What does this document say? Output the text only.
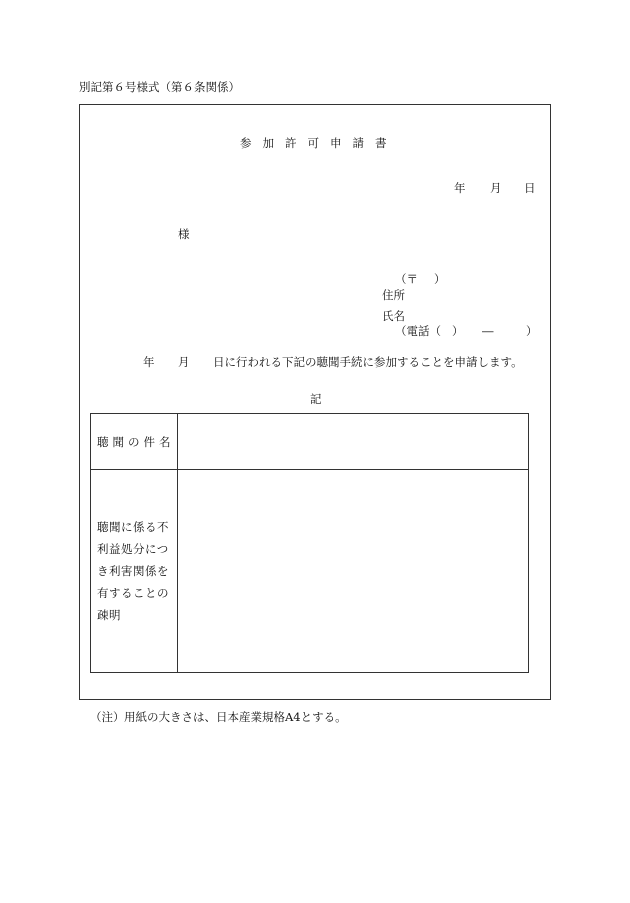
別記第６号様式（第６条関係）
参加許可申請書
年 月 日
様
（〒 ）
住所
氏名
（電話（ ） ―	）
年 月 日に行われる下記の聴聞手続に参加することを申請します。
記
聴聞の件名	

聴聞に係る不利益処分につき利害関係を有することの疎明	

（注） 用紙の大きさは、日本産業規格A4とする。
